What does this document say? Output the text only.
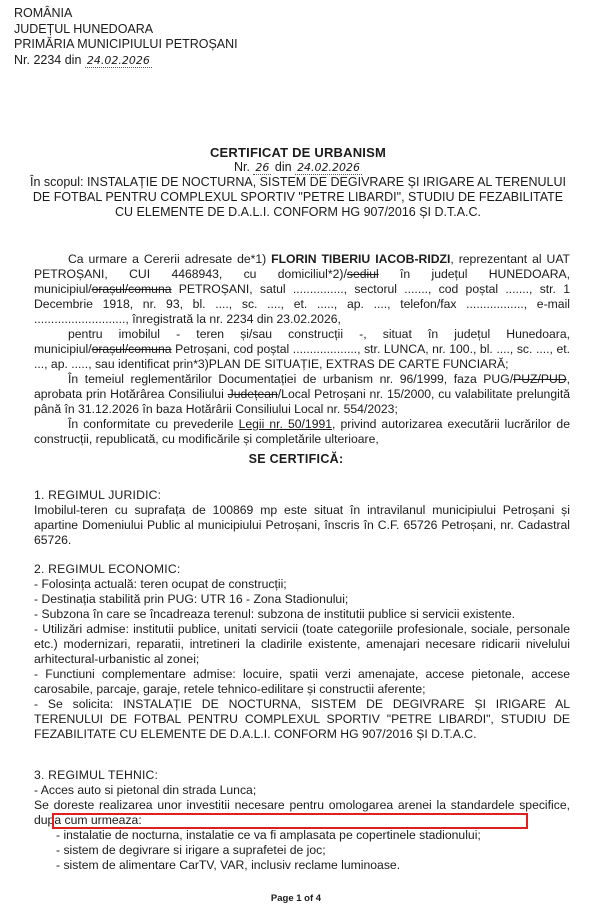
ROMÂNIA
JUDEȚUL HUNEDOARA
PRIMĂRIA MUNICIPIULUI PETROȘANI
Nr. 2234 din 24.02.2026
CERTIFICAT DE URBANISM
Nr. 26 din 24.02.2026
În scopul: INSTALAȚIE DE NOCTURNA, SISTEM DE DEGIVRARE ȘI IRIGARE AL TERENULUI
DE FOTBAL PENTRU COMPLEXUL SPORTIV "PETRE LIBARDI", STUDIU DE FEZABILITATE
CU ELEMENTE DE D.A.L.I. CONFORM HG 907/2016 ȘI D.T.A.C.

Ca urmare a Cererii adresate de*1) FLORIN TIBERIU IACOB-RIDZI, reprezentant al UAT PETROȘANI, CUI 4468943, cu domiciliul*2)/sediul în județul HUNEDOARA, municipiul/orașul/comuna PETROȘANI, satul ..............., sectorul ......., cod poștal ......., str. 1 Decembrie 1918, nr. 93, bl. ...., sc. ...., et. ....., ap. ...., telefon/fax ................., e-mail ..........................., înregistrată la nr. 2234 din 23.02.2026,

pentru imobilul - teren și/sau construcții -, situat în județul Hunedoara, municipiul/orașul/comuna Petroșani, cod poștal ..................., str. LUNCA, nr. 100., bl. ...., sc. ...., et. ..., ap. ....., sau identificat prin*3)PLAN DE SITUAȚIE, EXTRAS DE CARTE FUNCIARĂ;

În temeiul reglementărilor Documentației de urbanism nr. 96/1999, faza PUG/PUZ/PUD, aprobata prin Hotărârea Consiliului Județean/Local Petroșani nr. 15/2000, cu valabilitate prelungită până în 31.12.2026 în baza Hotărârii Consiliului Local nr. 554/2023;

În conformitate cu prevederile Legii nr. 50/1991, privind autorizarea executării lucrărilor de construcții, republicată, cu modificările și completările ulterioare,

SE CERTIFICĂ:

1. REGIMUL JURIDIC:

Imobilul-teren cu suprafața de 100869 mp este situat în intravilanul municipiului Petroșani și apartine Domeniului Public al municipiului Petroșani, înscris în C.F. 65726 Petroșani, nr. Cadastral 65726.

2. REGIMUL ECONOMIC:

- Folosința actuală: teren ocupat de construcții;

- Destinația stabilită prin PUG: UTR 16 - Zona Stadionului;

- Subzona în care se încadreaza terenul: subzona de institutii publice si servicii existente.

- Utilizări admise: institutii publice, unitati servicii (toate categoriile profesionale, sociale, personale etc.) modernizari, reparatii, intretineri la cladirile existente, amenajari necesare ridicarii nivelului arhitectural-urbanistic al zonei;

- Functiuni complementare admise: locuire, spatii verzi amenajate, accese pietonale, accese carosabile, parcaje, garaje, retele tehnico-edilitare și constructii aferente;

- Se solicita: INSTALAȚIE DE NOCTURNA, SISTEM DE DEGIVRARE ȘI IRIGARE AL TERENULUI DE FOTBAL PENTRU COMPLEXUL SPORTIV "PETRE LIBARDI", STUDIU DE FEZABILITATE CU ELEMENTE DE D.A.L.I. CONFORM HG 907/2016 ȘI D.T.A.C.

3. REGIMUL TEHNIC:

- Acces auto si pietonal din strada Lunca;

Se doreste realizarea unor investitii necesare pentru omologarea arenei la standardele specifice, dupa cum urmeaza:

- instalatie de nocturna, instalatie ce va fi amplasata pe copertinele stadionului;

- sistem de degivrare si irigare a suprafetei de joc;

- sistem de alimentare CarTV, VAR, inclusiv reclame luminoase.

Page 1 of 4
